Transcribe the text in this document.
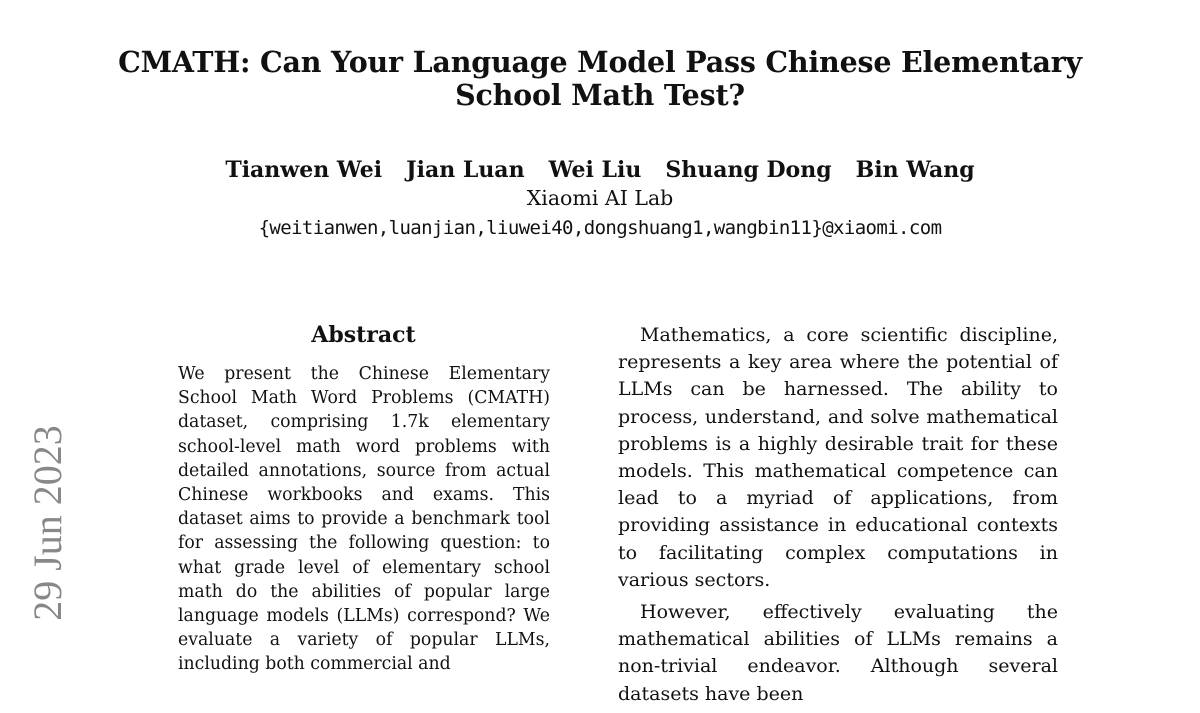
CMATH: Can Your Language Model Pass Chinese Elementary
School Math Test?
Tianwen Wei Jian Luan Wei Liu Shuang Dong Bin Wang
Xiaomi AI Lab
{weitianwen,luanjian,liuwei40,dongshuang1,wangbin11}@xiaomi.com
29 Jun 2023
Abstract
We present the Chinese Elementary School Math Word Problems (CMATH) dataset, comprising 1.7k elementary school-level math word problems with detailed annotations, source from actual Chinese workbooks and exams. This dataset aims to provide a benchmark tool for assessing the following question: to what grade level of elementary school math do the abilities of popular large language models (LLMs) correspond? We evaluate a variety of popular LLMs, including both commercial and

Mathematics, a core scientific discipline, represents a key area where the potential of LLMs can be harnessed. The ability to process, understand, and solve mathematical problems is a highly desirable trait for these models. This mathematical competence can lead to a myriad of applications, from providing assistance in educational contexts to facilitating complex computations in various sectors.

However, effectively evaluating the mathematical abilities of LLMs remains a non-trivial endeavor. Although several datasets have been
